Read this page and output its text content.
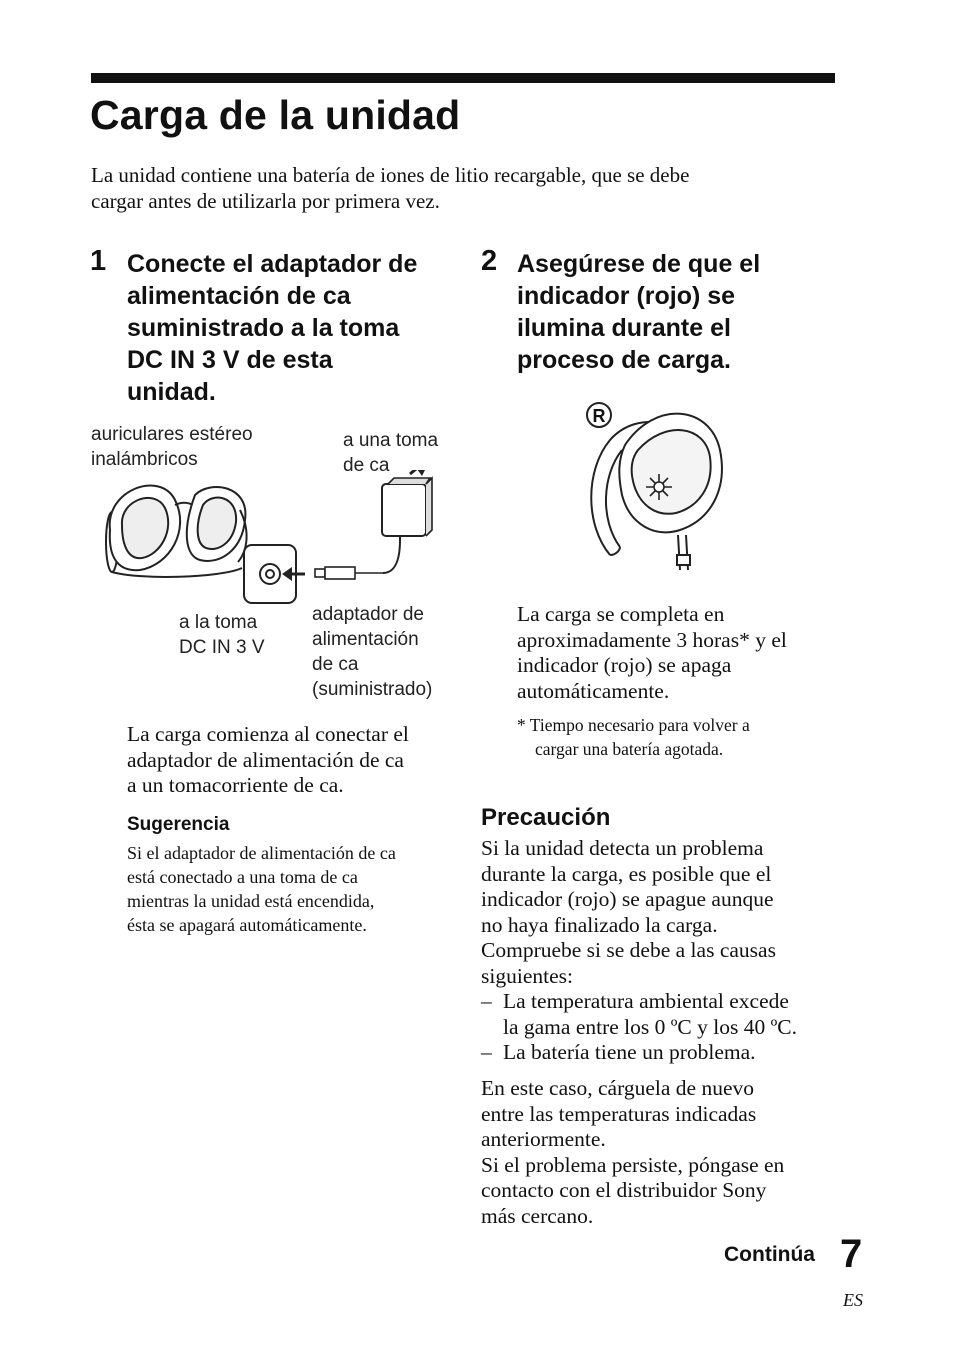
Carga de la unidad

La unidad contiene una batería de iones de litio recargable, que se debe

cargar antes de utilizarla por primera vez.

1 Conecte el adaptador de

alimentación de ca

suministrado a la toma

DC IN 3 V de esta

unidad.

auriculares estéreo

inalámbricos

a una toma

de ca

a la toma

DC IN 3 V

adaptador de

alimentación

de ca

(suministrado)

La carga comienza al conectar el

adaptador de alimentación de ca

a un tomacorriente de ca.

Sugerencia

Si el adaptador de alimentación de ca

está conectado a una toma de ca

mientras la unidad está encendida,

ésta se apagará automáticamente.

2 Asegúrese de que el

indicador (rojo) se

ilumina durante el

proceso de carga.

R

La carga se completa en

aproximadamente 3 horas* y el

indicador (rojo) se apaga

automáticamente.

* Tiempo necesario para volver a

cargar una batería agotada.

Precaución

Si la unidad detecta un problema

durante la carga, es posible que el

indicador (rojo) se apague aunque

no haya finalizado la carga.

Compruebe si se debe a las causas

siguientes:

– La temperatura ambiental excede

la gama entre los 0 ºC y los 40 ºC.

– La batería tiene un problema.

En este caso, cárguela de nuevo

entre las temperaturas indicadas

anteriormente.

Si el problema persiste, póngase en

contacto con el distribuidor Sony

más cercano.

Continúa 7
ES
